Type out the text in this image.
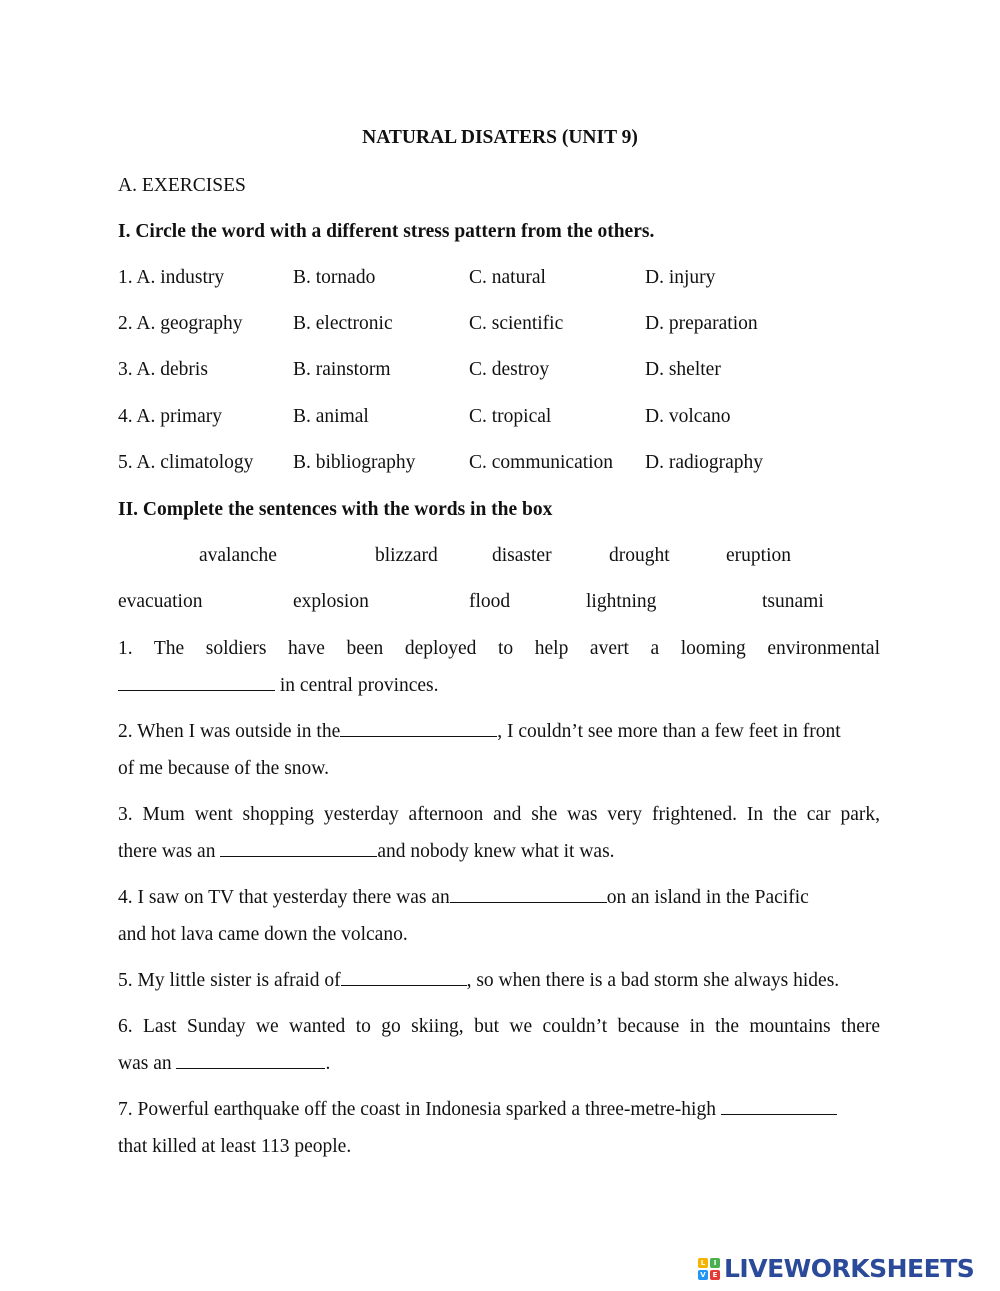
NATURAL DISATERS (UNIT 9)
A. EXERCISES
I. Circle the word with a different stress pattern from the others.
1. A. industry	B. tornado	C. natural	D. injury
2. A. geography	B. electronic	C. scientific	D. preparation
3. A. debris	B. rainstorm	C. destroy	D. shelter
4. A. primary	B. animal	C. tropical	D. volcano
5. A. climatology B. bibliography	C. communication D. radiography
II. Complete the sentences with the words in the box
avalanche	blizzard	disaster	drought	eruption
evacuation	explosion	flood	lightning	tsunami
1. The soldiers have been deployed to help avert a looming environmental
in central provinces.
2. When I was outside in the	, I couldn’t see more than a few feet in front
of me because of the snow.
3. Mum went shopping yesterday afternoon and she was very frightened. In the car park,
there was an	and nobody knew what it was.
4. I saw on TV that yesterday there was an	on an island in the Pacific
and hot lava came down the volcano.
5. My little sister is afraid of	, so when there is a bad storm she always hides.
6. Last Sunday we wanted to go skiing, but we couldn’t because in the mountains there
was an	.
7. Powerful earthquake off the coast in Indonesia sparked a three-metre-high
that killed at least 113 people.
L	I
V E LIVEWORKSHEETS
